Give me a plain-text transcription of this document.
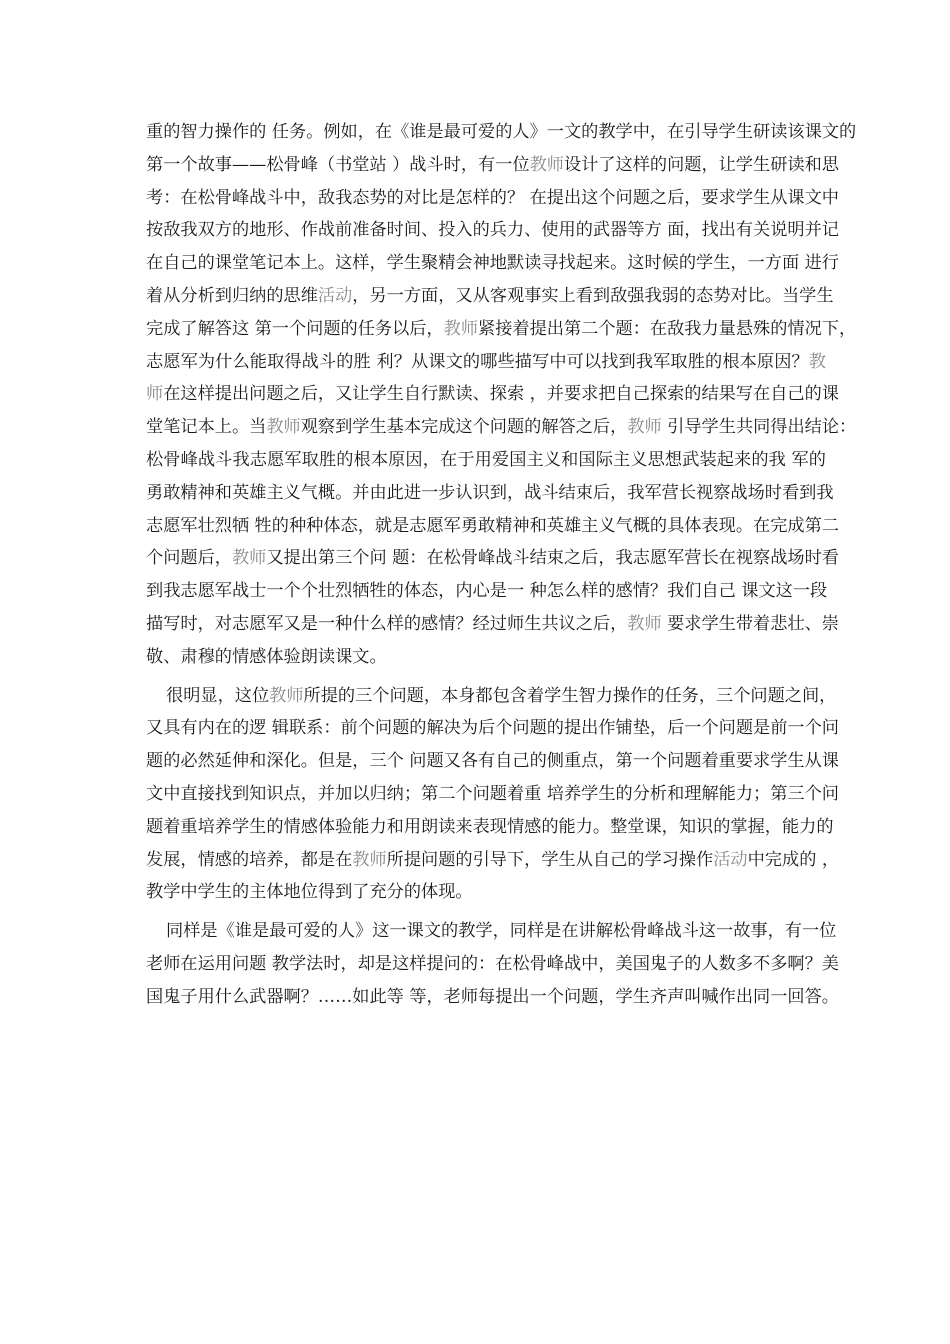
重的智力操作的 任务。例如，在《谁是最可爱的人》一文的教学中，在引导学生研读该课文的
第一个故事——松骨峰（书堂站 ）战斗时，有一位教师设计了这样的问题，让学生研读和思
考：在松骨峰战斗中，敌我态势的对比是怎样的？ 在提出这个问题之后，要求学生从课文中
按敌我双方的地形、作战前准备时间、投入的兵力、使用的武器等方 面，找出有关说明并记
在自己的课堂笔记本上。这样，学生聚精会神地默读寻找起来。这时候的学生，一方面 进行
着从分析到归纳的思维活动，另一方面，又从客观事实上看到敌强我弱的态势对比。当学生
完成了解答这 第一个问题的任务以后，教师紧接着提出第二个题：在敌我力量悬殊的情况下，
志愿军为什么能取得战斗的胜 利？从课文的哪些描写中可以找到我军取胜的根本原因？教
师在这样提出问题之后，又让学生自行默读、探索 ，并要求把自己探索的结果写在自己的课
堂笔记本上。当教师观察到学生基本完成这个问题的解答之后，教师 引导学生共同得出结论：
松骨峰战斗我志愿军取胜的根本原因，在于用爱国主义和国际主义思想武装起来的我 军的
勇敢精神和英雄主义气概。并由此进一步认识到，战斗结束后，我军营长视察战场时看到我
志愿军壮烈牺 牲的种种体态，就是志愿军勇敢精神和英雄主义气概的具体表现。在完成第二
个问题后，教师又提出第三个问 题：在松骨峰战斗结束之后，我志愿军营长在视察战场时看
到我志愿军战士一个个壮烈牺牲的体态，内心是一 种怎么样的感情？我们自己 课文这一段
描写时，对志愿军又是一种什么样的感情？经过师生共议之后，教师 要求学生带着悲壮、崇
敬、肃穆的情感体验朗读课文。
很明显，这位教师所提的三个问题，本身都包含着学生智力操作的任务，三个问题之间，
又具有内在的逻 辑联系：前个问题的解决为后个问题的提出作铺垫，后一个问题是前一个问
题的必然延伸和深化。但是，三个 问题又各有自己的侧重点，第一个问题着重要求学生从课
文中直接找到知识点，并加以归纳；第二个问题着重 培养学生的分析和理解能力；第三个问
题着重培养学生的情感体验能力和用朗读来表现情感的能力。整堂课，知识的掌握，能力的
发展，情感的培养，都是在教师所提问题的引导下，学生从自己的学习操作活动中完成的 ，
教学中学生的主体地位得到了充分的体现。
同样是《谁是最可爱的人》这一课文的教学，同样是在讲解松骨峰战斗这一故事，有一位
老师在运用问题 教学法时，却是这样提问的：在松骨峰战中，美国鬼子的人数多不多啊？美
国鬼子用什么武器啊？……如此等 等，老师每提出一个问题，学生齐声叫喊作出同一回答。
